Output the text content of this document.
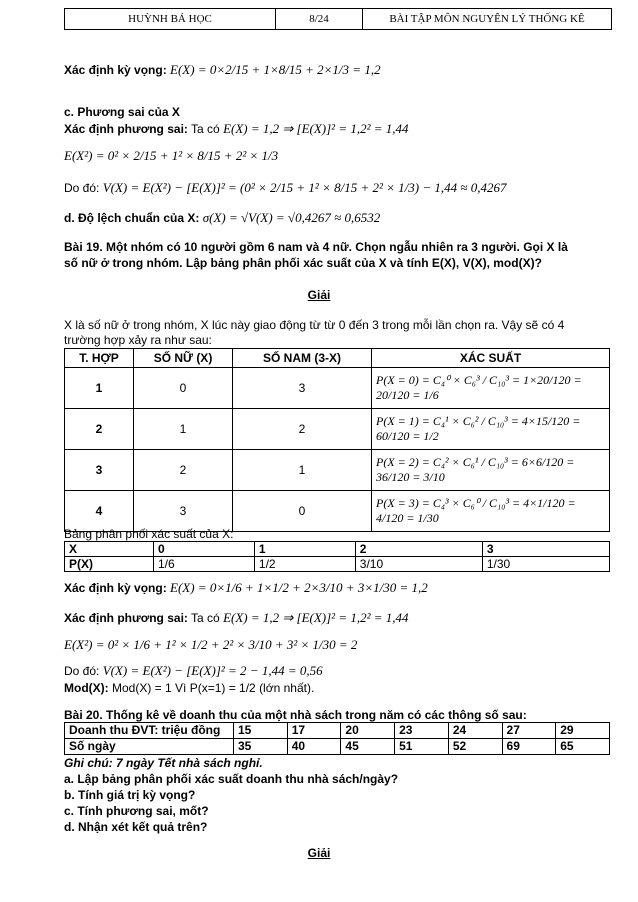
HUỲNH BÁ HỌC	8/24	BÀI TẬP MÔN NGUYÊN LÝ THỐNG KÊ
Xác định kỳ vọng: E(X) = 0×2/15 + 1×8/15 + 2×1/3 = 1,2
c. Phương sai của X
Xác định phương sai: Ta có E(X) = 1,2 ⇒ [E(X)]² = 1,2² = 1,44
E(X²) = 0² × 2/15 + 1² × 8/15 + 2² × 1/3
Do đó: V(X) = E(X²) − [E(X)]² = (0² × 2/15 + 1² × 8/15 + 2² × 1/3) − 1,44 ≈ 0,4267
d. Độ lệch chuẩn của X: σ(X) = √V(X) = √0,4267 ≈ 0,6532
Bài 19. Một nhóm có 10 người gồm 6 nam và 4 nữ. Chọn ngẫu nhiên ra 3 người. Gọi X là
số nữ ở trong nhóm. Lập bảng phân phối xác suất của X và tính E(X), V(X), mod(X)?
Giải
X là số nữ ở trong nhóm, X lúc này giao động từ từ 0 đến 3 trong mỗi lần chọn ra. Vậy sẽ có 4
trường hợp xảy ra như sau:
T. HỢP	SỐ NỮ (X)	SỐ NAM (3-X)	XÁC SUẤT
1	0	3	P(X = 0) = C₄⁰ × C₆³ / C₁₀³ = 1×20/120 = 20/120 = 1/6
2	1	2	P(X = 1) = C₄¹ × C₆² / C₁₀³ = 4×15/120 = 60/120 = 1/2
3	2	1	P(X = 2) = C₄² × C₆¹ / C₁₀³ = 6×6/120 = 36/120 = 3/10
4	3	0	P(X = 3) = C₄³ × C₆⁰ / C₁₀³ = 4×1/120 = 4/120 = 1/30
Bảng phân phối xác suất của X:
X	0	1	2	3
P(X)	1/6	1/2	3/10	1/30
Xác định kỳ vọng: E(X) = 0×1/6 + 1×1/2 + 2×3/10 + 3×1/30 = 1,2
Xác định phương sai: Ta có E(X) = 1,2 ⇒ [E(X)]² = 1,2² = 1,44
E(X²) = 0² × 1/6 + 1² × 1/2 + 2² × 3/10 + 3² × 1/30 = 2
Do đó: V(X) = E(X²) − [E(X)]² = 2 − 1,44 = 0,56
Mod(X): Mod(X) = 1 Vì P(x=1) = 1/2 (lớn nhất).
Bài 20. Thống kê về doanh thu của một nhà sách trong năm có các thông số sau:
Doanh thu ĐVT: triệu đồng	15	17	20	23	24	27	29
Số ngày	35	40	45	51	52	69	65
Ghi chú: 7 ngày Tết nhà sách nghỉ.
a. Lập bảng phân phối xác suất doanh thu nhà sách/ngày?
b. Tính giá trị kỳ vọng?
c. Tính phương sai, mốt?
d. Nhận xét kết quả trên?
Giải
